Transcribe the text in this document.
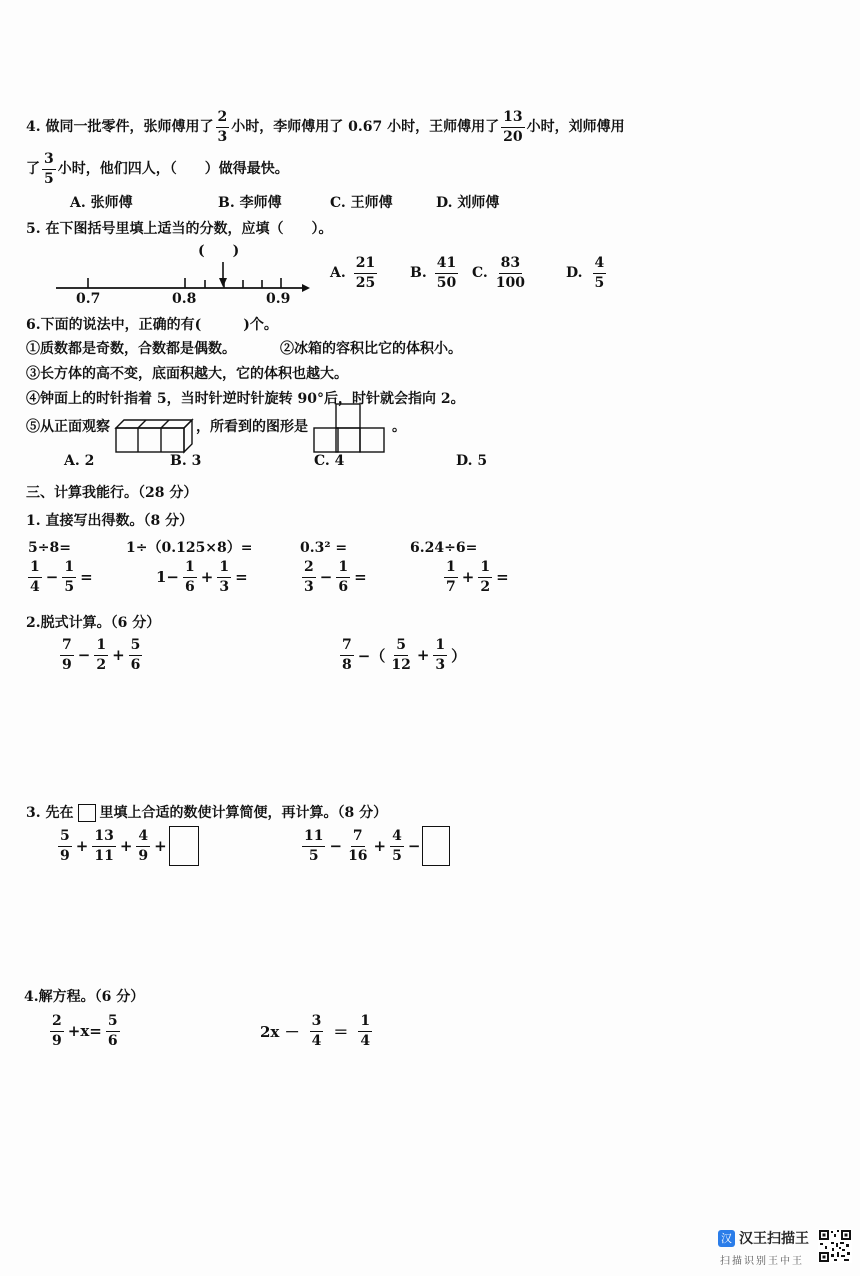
4. 做同一批零件，张师傅用了 $\frac{2}{3}$ 小时，李师傅用了 0.67 小时，王师傅用了 $\frac{13}{20}$ 小时，刘师傅用
了 $\frac{3}{5}$ 小时，他们四人，（　　）做得最快。
A. 张师傅	B. 李师傅	C. 王师傅	D. 刘师傅
5. 在下图括号里填上适当的分数，应填（　　）。
(　　)
0.7	0.8	0.9
A. $\frac{21}{25} B$. $\frac{41}{50} C$. $\frac{83}{100}$	D. $\frac{4}{5}$
6.下面的说法中，正确的有(　　　)个。
①质数都是奇数，合数都是偶数。	②冰箱的容积比它的体积小。
③长方体的高不变，底面积越大，它的体积也越大。
④钟面上的时针指着 5，当时针逆时针旋转 90°后，时针就会指向 2。
⑤从正面观察	，所看到的图形是	。
A. 2	B. 3	C. 4	D. 5
三、计算我能行。（28 分）
1. 直接写出得数。（8 分）
5÷8=	1÷（0.125×8）=	0.3² =	6.24÷6=
$\frac{1}{4} - \frac{1}{5}$ =	$1- \frac{1}{6} + \frac{1}{3}$ =	$\frac{2}{3} - \frac{1}{6}$ =	$\frac{1}{7} + \frac{1}{2}$ =
2.脱式计算。（6 分）
$\frac{7}{9} - \frac{1}{2} + \frac{5}{6}$	$\frac{7}{8}$ −（ $\frac{5}{12} + \frac{1}{3}$ ）
3. 先在 里填上合适的数使计算简便，再计算。（8 分）
$\frac{5}{9} + \frac{13}{11} + \frac{4}{9}$ +	$\frac{11}{5} - \frac{7}{16} + \frac{4}{5}$ −
4.解方程。（6 分）
$\frac{2}{9} +x= \frac{5}{6}$	$2x - \frac{3}{4} = \frac{1}{4}$
汉 汉王扫描王
扫描识别王中王
